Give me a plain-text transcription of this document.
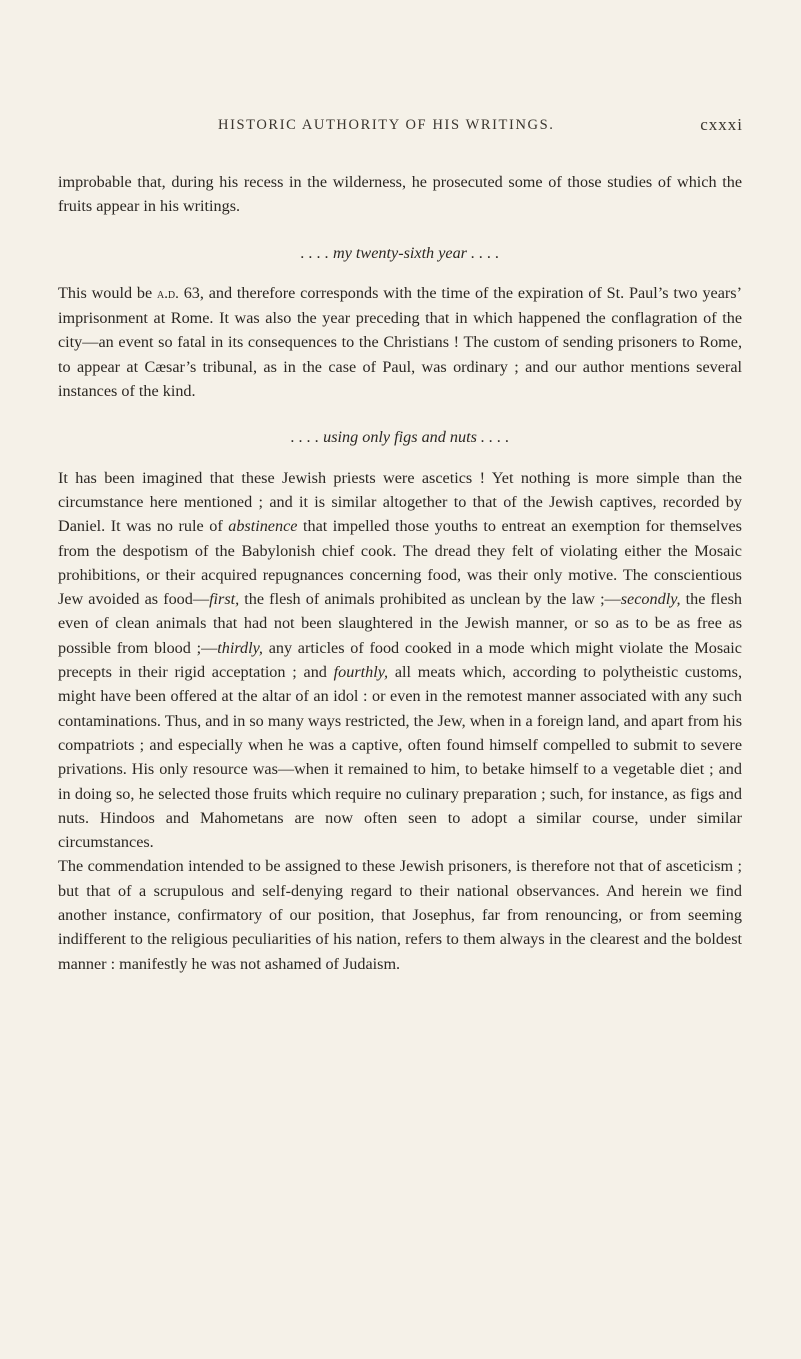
HISTORIC AUTHORITY OF HIS WRITINGS.	cxxxi

improbable that, during his recess in the wilderness, he prosecuted some of those studies of which the fruits appear in his writings.

. . . . my twenty-sixth year . . . .

This would be a.d. 63, and therefore corresponds with the time of the expiration of St. Paul’s two years’ imprisonment at Rome. It was also the year preceding that in which happened the conflagration of the city—an event so fatal in its consequences to the Christians ! The custom of sending prisoners to Rome, to appear at Cæsar’s tribunal, as in the case of Paul, was ordinary ; and our author mentions several instances of the kind.

. . . . using only figs and nuts . . . .

It has been imagined that these Jewish priests were ascetics ! Yet nothing is more simple than the circumstance here mentioned ; and it is similar altogether to that of the Jewish captives, recorded by Daniel. It was no rule of abstinence that impelled those youths to entreat an exemption for themselves from the despotism of the Babylonish chief cook. The dread they felt of violating either the Mosaic prohibitions, or their acquired repugnances concerning food, was their only motive. The conscientious Jew avoided as food—first, the flesh of animals prohibited as unclean by the law ;—secondly, the flesh even of clean animals that had not been slaughtered in the Jewish manner, or so as to be as free as possible from blood ;—thirdly, any articles of food cooked in a mode which might violate the Mosaic precepts in their rigid acceptation ; and fourthly, all meats which, according to polytheistic customs, might have been offered at the altar of an idol : or even in the remotest manner associated with any such contaminations. Thus, and in so many ways restricted, the Jew, when in a foreign land, and apart from his compatriots ; and especially when he was a captive, often found himself compelled to submit to severe privations. His only resource was—when it remained to him, to betake himself to a vegetable diet ; and in doing so, he selected those fruits which require no culinary preparation ; such, for instance, as figs and nuts. Hindoos and Mahometans are now often seen to adopt a similar course, under similar circumstances.

The commendation intended to be assigned to these Jewish prisoners, is therefore not that of asceticism ; but that of a scrupulous and self-denying regard to their national observances. And herein we find another instance, confirmatory of our position, that Josephus, far from renouncing, or from seeming indifferent to the religious peculiarities of his nation, refers to them always in the clearest and the boldest manner : manifestly he was not ashamed of Judaism.
